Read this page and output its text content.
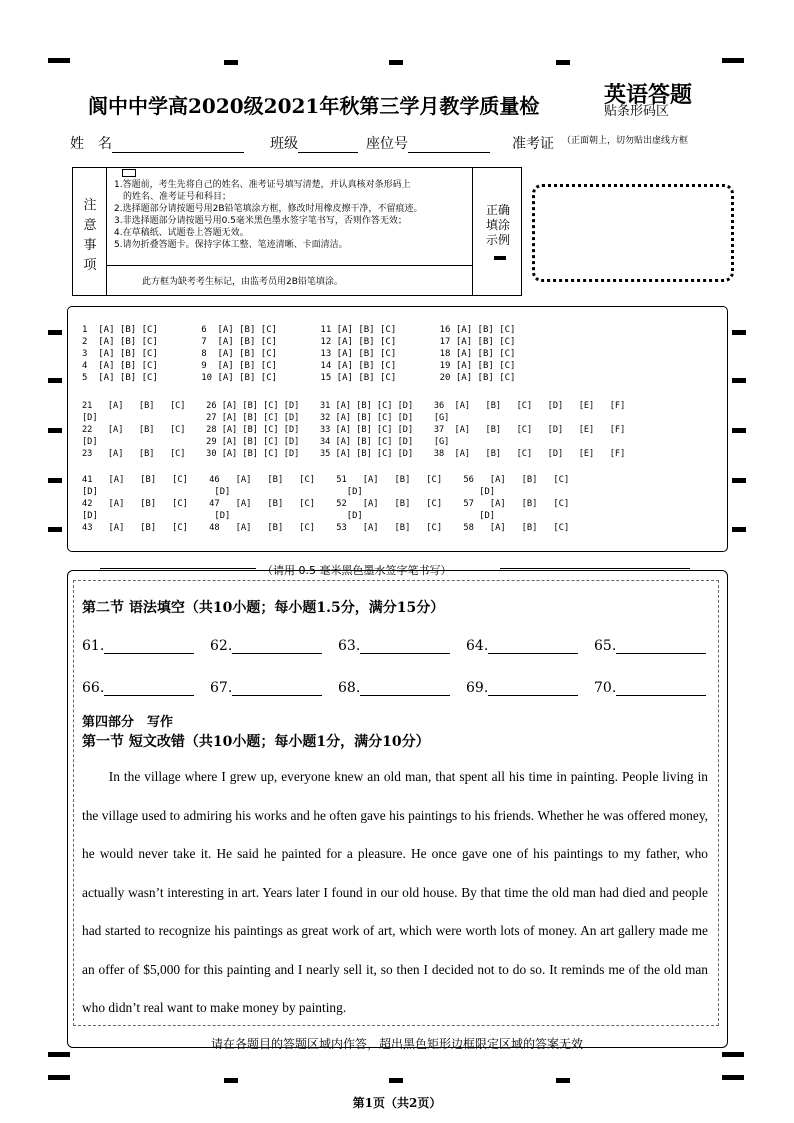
阆中中学高2020级2021年秋第三学月教学质量检	英语答题
贴条形码区
姓　名	班级	座位号	准考证 （正面朝上，切勿贴出虚线方框
注意事项
1.答题前，考生先将自己的姓名、准考证号填写清楚，并认真核对条形码上
　的姓名、准考证号和科目；
2.选择题部分请按题号用2B铅笔填涂方框，修改时用橡皮擦干净，不留痕迹。
3.非选择题部分请按题号用0.5毫米黑色墨水签字笔书写，否则作答无效；
4.在草稿纸、试题卷上答题无效。
5.请勿折叠答题卡。保持字体工整、笔迹清晰、卡面清洁。
此方框为缺考考生标记，由监考员用2B铅笔填涂。
正确填涂示例
1  [A] [B] [C]        6  [A] [B] [C]        11 [A] [B] [C]        16 [A] [B] [C]
2  [A] [B] [C]        7  [A] [B] [C]        12 [A] [B] [C]        17 [A] [B] [C]
3  [A] [B] [C]        8  [A] [B] [C]        13 [A] [B] [C]        18 [A] [B] [C]
4  [A] [B] [C]        9  [A] [B] [C]        14 [A] [B] [C]        19 [A] [B] [C]
5  [A] [B] [C]        10 [A] [B] [C]        15 [A] [B] [C]        20 [A] [B] [C]
21   [A]   [B]   [C]    26 [A] [B] [C] [D]    31 [A] [B] [C] [D]    36  [A]   [B]   [C]   [D]   [E]   [F]
[D]                     27 [A] [B] [C] [D]    32 [A] [B] [C] [D]    [G]
22   [A]   [B]   [C]    28 [A] [B] [C] [D]    33 [A] [B] [C] [D]    37  [A]   [B]   [C]   [D]   [E]   [F]
[D]                     29 [A] [B] [C] [D]    34 [A] [B] [C] [D]    [G]
23   [A]   [B]   [C]    30 [A] [B] [C] [D]    35 [A] [B] [C] [D]    38  [A]   [B]   [C]   [D]   [E]   [F]
41   [A]   [B]   [C]    46   [A]   [B]   [C]    51   [A]   [B]   [C]    56   [A]   [B]   [C]
[D]                      [D]                      [D]                      [D]
42   [A]   [B]   [C]    47   [A]   [B]   [C]    52   [A]   [B]   [C]    57   [A]   [B]   [C]
[D]                      [D]                      [D]                      [D]
43   [A]   [B]   [C]    48   [A]   [B]   [C]    53   [A]   [B]   [C]    58   [A]   [B]   [C]
（请用 0.5 毫米黑色墨水签字笔书写）
第二节 语法填空（共10小题；每小题1.5分，满分15分）
61.	62.	63.	64.	65.
66.	67.	68.	69.	70.
第四部分　写作
第一节 短文改错（共10小题；每小题1分，满分10分）
In the village where I grew up, everyone knew an old man, that spent all his time in painting. People living in the village used to admiring his works and he often gave his paintings to his friends. Whether he was offered money, he would never take it. He said he painted for a pleasure. He once gave one of his paintings to my father, who actually wasn’t interesting in art. Years later I found in our old house. By that time the old man had died and people had started to recognize his paintings as great work of art, which were worth lots of money. An art gallery made me an offer of $5,000 for this painting and I nearly sell it, so then I decided not to do so. It reminds me of the old man who didn’t real want to make money by painting.
请在各题目的答题区域内作答，超出黑色矩形边框限定区域的答案无效
第1页（共2页）
